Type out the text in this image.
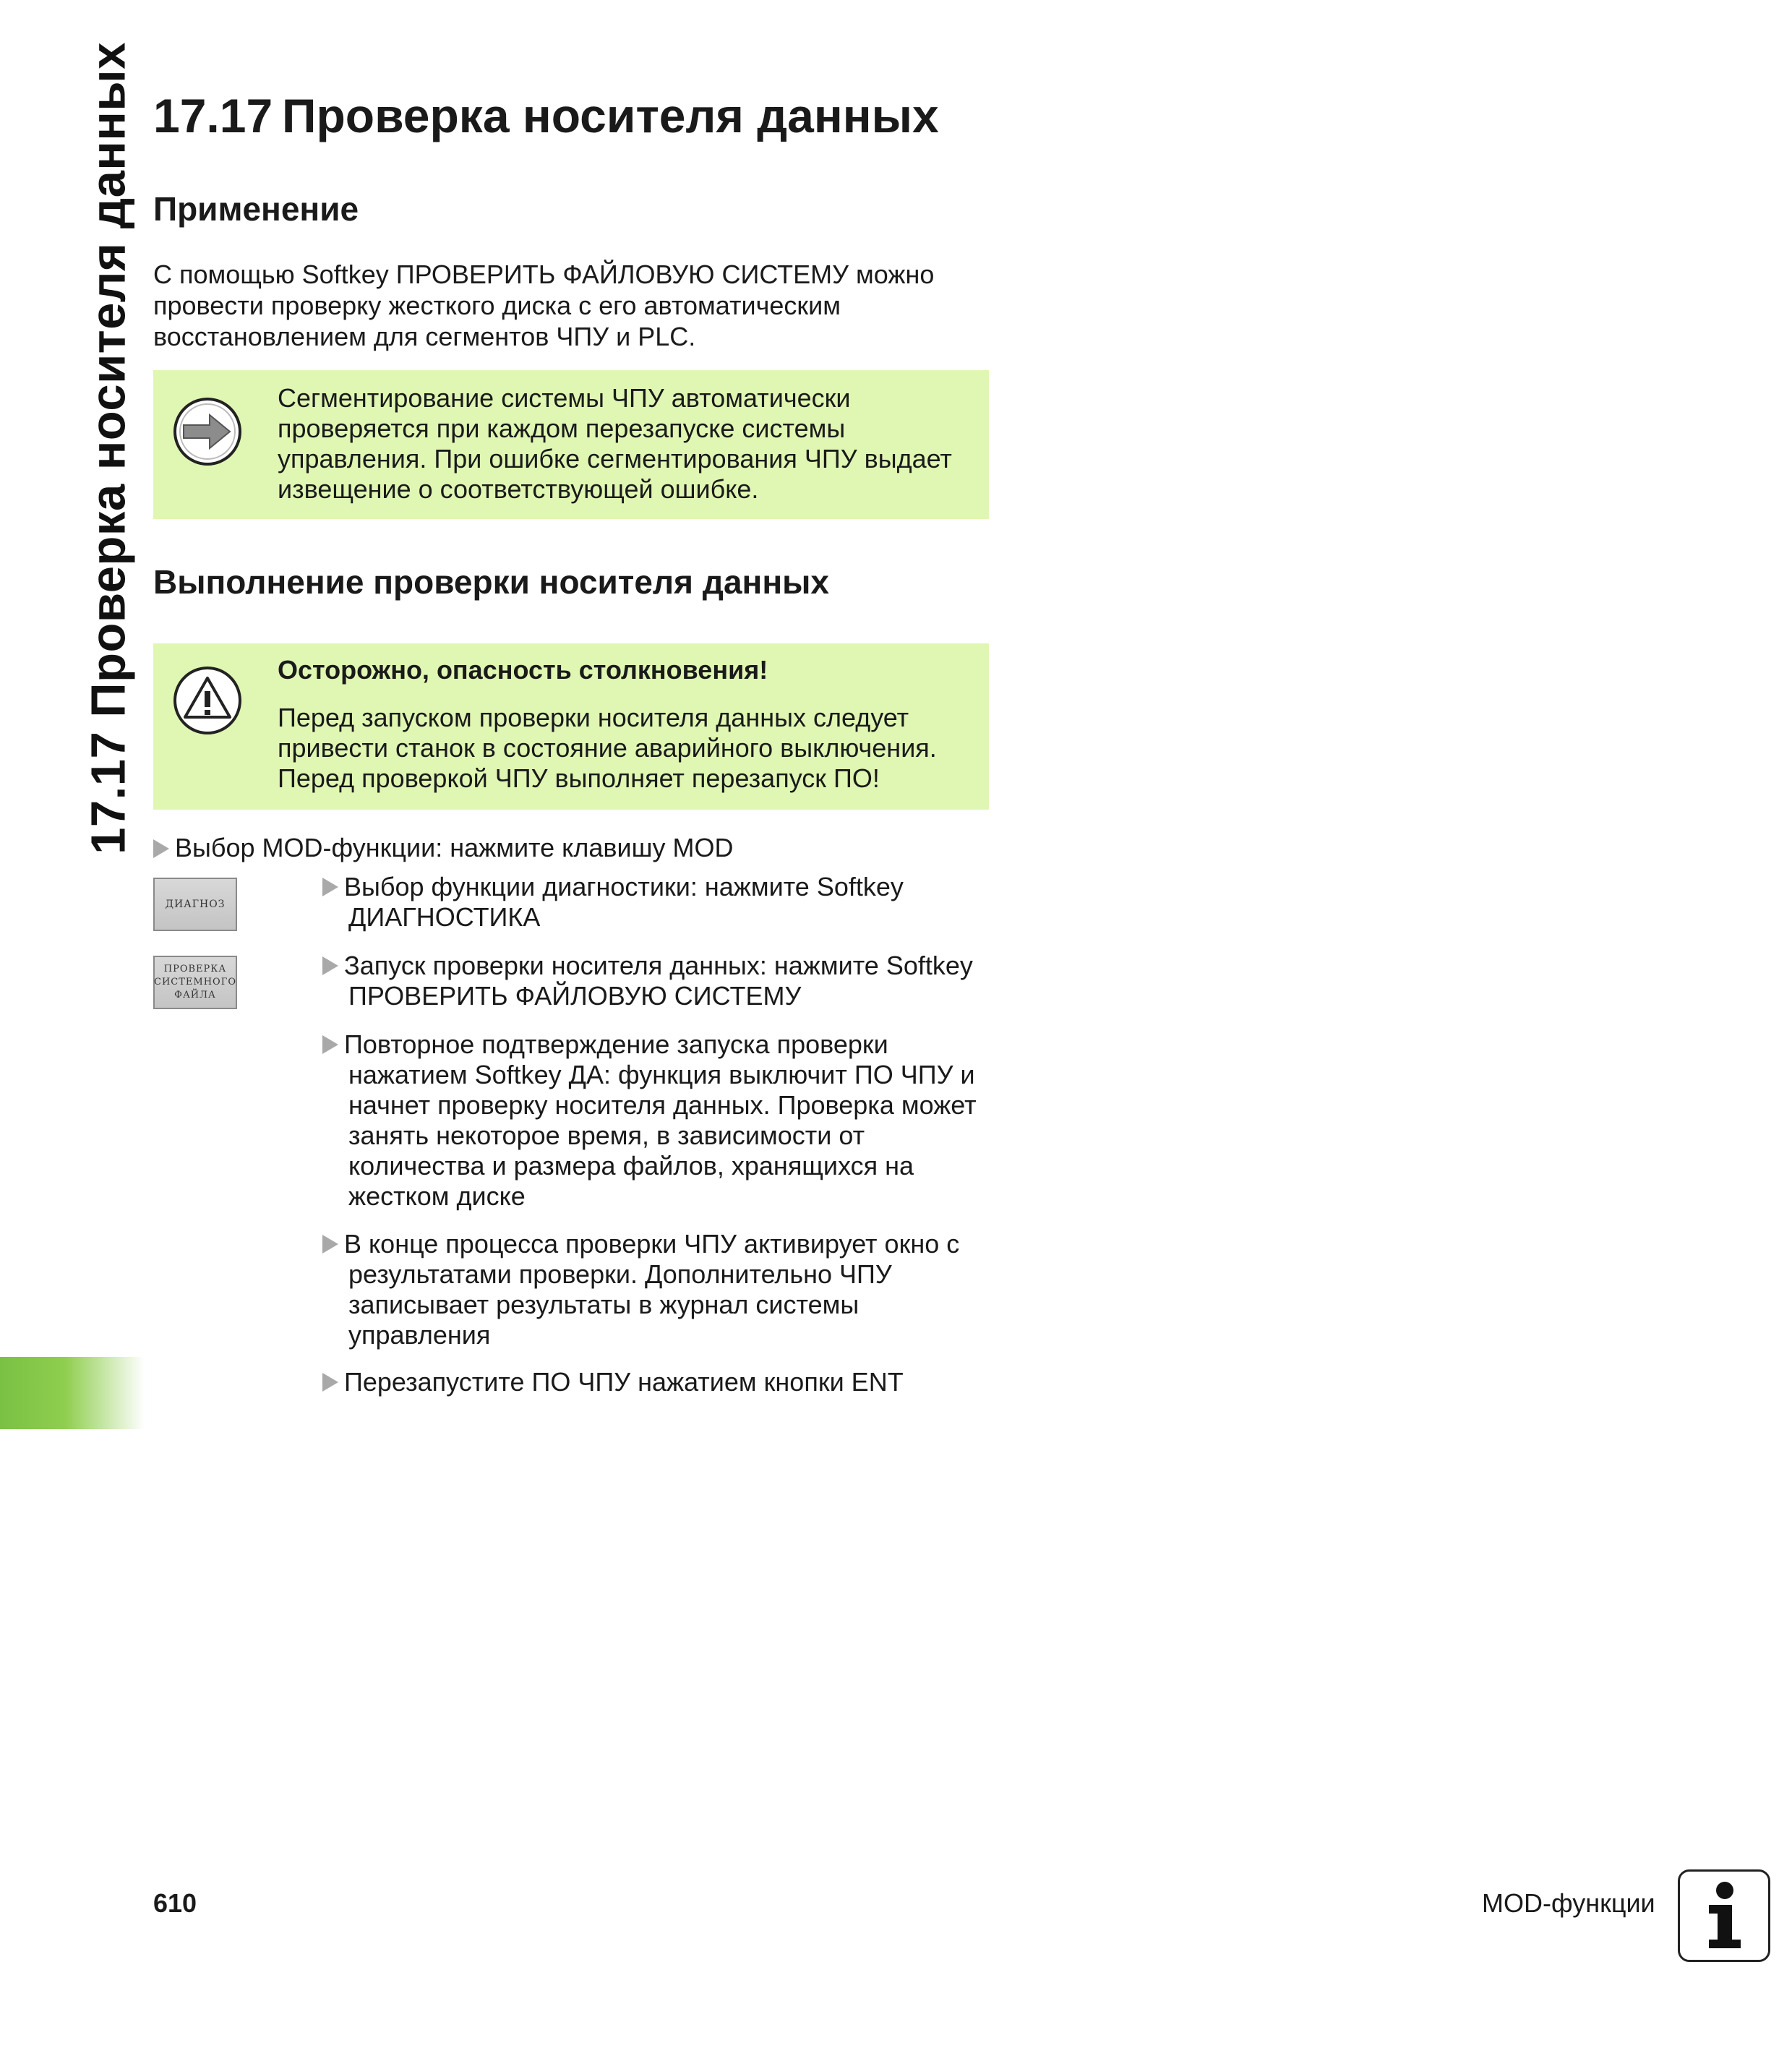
17.17 Проверка носителя данных 17.17 Проверка носителя данных
Применение
С помощью Softkey ПРОВЕРИТЬ ФАЙЛОВУЮ СИСТЕМУ можно провести проверку жесткого диска с его автоматическим восстановлением для сегментов ЧПУ и PLC.
Сегментирование системы ЧПУ автоматически проверяется при каждом перезапуске системы управления. При ошибке сегментирования ЧПУ выдает извещение о соответствующей ошибке.
Выполнение проверки носителя данных
Осторожно, опасность столкновения!
Перед запуском проверки носителя данных следует привести станок в состояние аварийного выключения. Перед проверкой ЧПУ выполняет перезапуск ПО!
Выбор MOD-функции: нажмите клавишу MOD
ДИАГНОЗ
ПРОВЕРКА СИСТЕМНОГО ФАЙЛА
Выбор функции диагностики: нажмите Softkey ДИАГНОСТИКА
Запуск проверки носителя данных: нажмите Softkey ПРОВЕРИТЬ ФАЙЛОВУЮ СИСТЕМУ
Повторное подтверждение запуска проверки нажатием Softkey ДА: функция выключит ПО ЧПУ и начнет проверку носителя данных. Проверка может занять некоторое время, в зависимости от количества и размера файлов, хранящихся на жестком диске
В конце процесса проверки ЧПУ активирует окно с результатами проверки. Дополнительно ЧПУ записывает результаты в журнал системы управления
Перезапустите ПО ЧПУ нажатием кнопки ENT
610	MOD-функции
